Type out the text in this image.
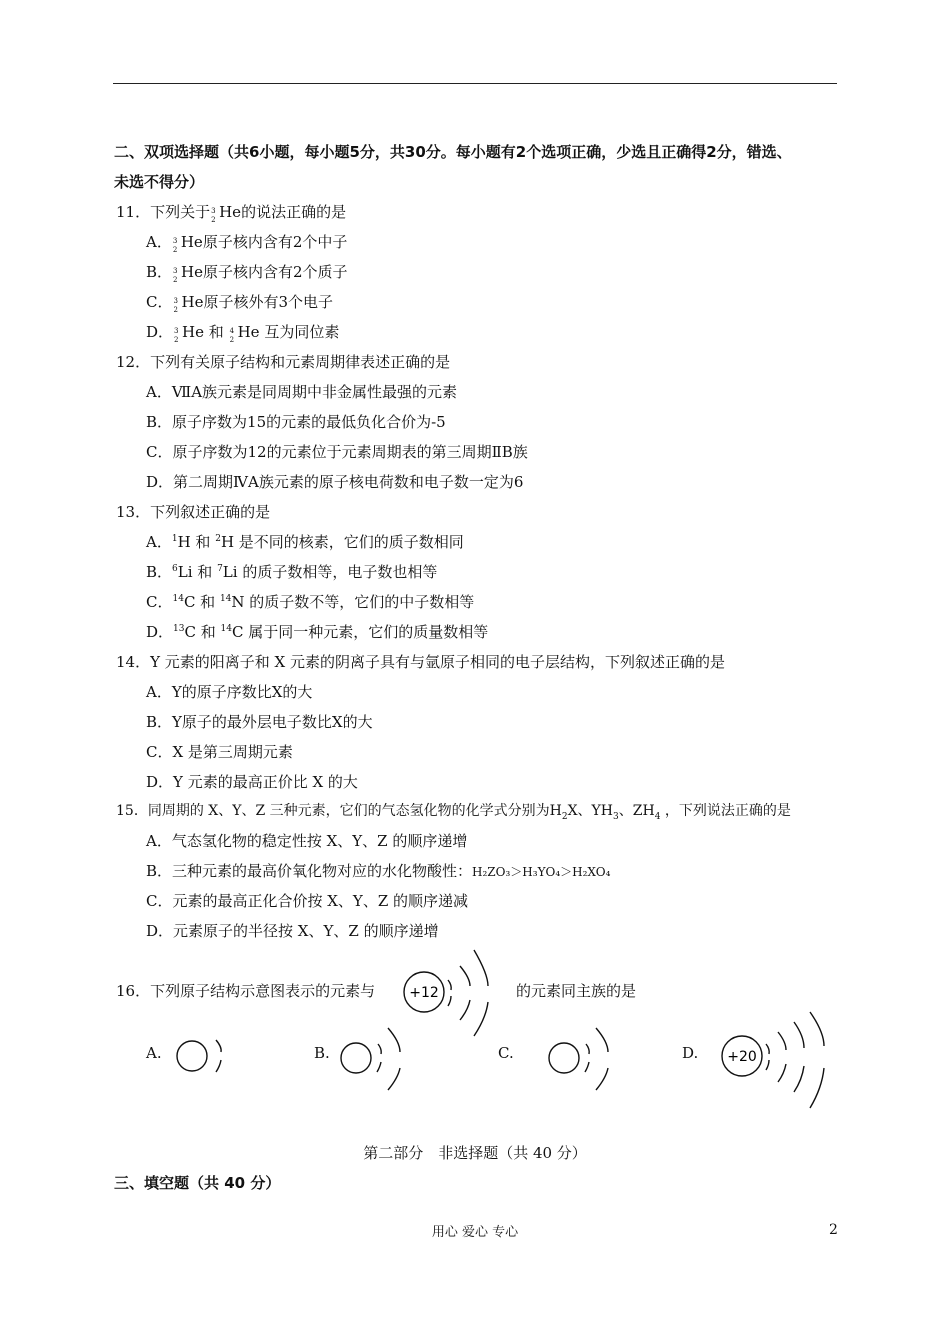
二、双项选择题（共6小题，每小题5分，共30分。每小题有2个选项正确，少选且正确得2分，错选、
未选不得分）
11．下列关于 3
2 He的说法正确的是
A． 3
2 He原子核内含有2个中子
B． 3
2 He原子核内含有2个质子
C． 3
2 He原子核外有3个电子
D． 3
2 He 和 4
2 He 互为同位素
12．下列有关原子结构和元素周期律表述正确的是
A．ⅦA族元素是同周期中非金属性最强的元素
B．原子序数为15的元素的最低负化合价为-5
C．原子序数为12的元素位于元素周期表的第三周期ⅡB族
D．第二周期ⅣA族元素的原子核电荷数和电子数一定为6
13．下列叙述正确的是
A．$^1$H 和 $^2$H 是不同的核素，它们的质子数相同
B．$^6$Li 和 $^7$Li 的质子数相等，电子数也相等
C．$^{14}$C 和 $^{14}$N 的质子数不等，它们的中子数相等
D．$^{13}$C 和 $^{14}$C 属于同一种元素，它们的质量数相等
14．Y 元素的阳离子和 X 元素的阴离子具有与氩原子相同的电子层结构，下列叙述正确的是
A．Y的原子序数比X的大
B．Y原子的最外层电子数比X的大
C．X 是第三周期元素
D．Y 元素的最高正价比 X 的大
15．同周期的 X、Y、Z 三种元素，它们的气态氢化物的化学式分别为$H_2X$、$YH_3$、$ZH_4$ ，下列说法正确的是
A．气态氢化物的稳定性按 X、Y、Z 的顺序递增
B．三种元素的最高价氧化物对应的水化物酸性：H₂ZO₃＞H₃YO₄＞H₂XO₄
C．元素的最高正化合价按 X、Y、Z 的顺序递减
D．元素原子的半径按 X、Y、Z 的顺序递增
16．下列原子结构示意图表示的元素与	的元素同主族的是
+12
A.	B.	C.	D. +20
第二部分　非选择题（共 40 分）
三、填空题（共 40 分）
用心 爱心 专心	2
